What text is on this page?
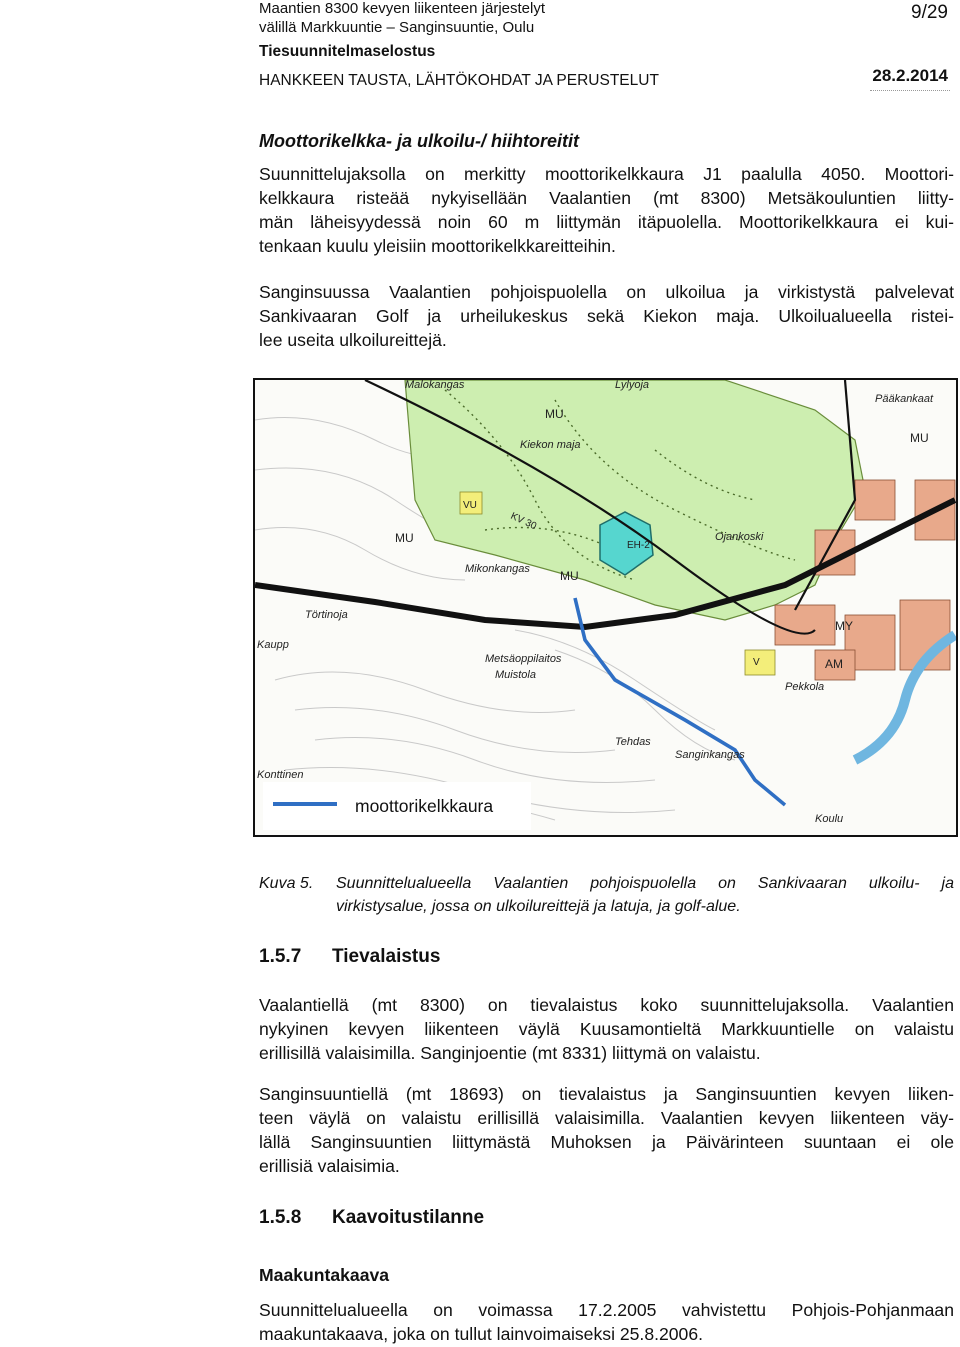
Maantien 8300 kevyen liikenteen järjestelyt
välillä Markkuuntie – Sanginsuuntie, Oulu
Tiesuunnitelmaselostus
HANKKEEN TAUSTA, LÄHTÖKOHDAT JA PERUSTELUT
9/29
28.2.2014
Moottorikelkka- ja ulkoilu-/ hiihtoreitit
Suunnittelujaksolla on merkitty moottorikelkkaura J1 paalulla 4050. Moottori-
kelkkaura risteää nykyisellään Vaalantien (mt 8300) Metsäkouluntien liitty-
män läheisyydessä noin 60 m liittymän itäpuolella. Moottorikelkkaura ei kui-
tenkaan kuulu yleisiin moottorikelkkareitteihin.
Sanginsuussa Vaalantien pohjoispuolella on ulkoilua ja virkistystä palvelevat
Sankivaaran Golf ja urheilukeskus sekä Kiekon maja. Ulkoilualueella ristei-
lee useita ulkoilureittejä.
Malokangas
Kiekon maja
Mikonkangas
Törtinoja
Metsäoppilaitos
Muistola
Tehdas
Kaupp
Koulu
Konttinen
Sanginkangas
Ojankoski
Pääkankaat
Pekkola
EH-2
MU
MU
MU
MU
MY
AM
VU
V
KV 30
Lylyoja
moottorikelkkaura
Kuva 5. Suunnittelualueella Vaalantien pohjoispuolella on Sankivaaran ulkoilu- ja
virkistysalue, jossa on ulkoilureittejä ja latuja, ja golf-alue.
1.5.7 Tievalaistus
Vaalantiellä (mt 8300) on tievalaistus koko suunnittelujaksolla. Vaalantien
nykyinen kevyen liikenteen väylä Kuusamontieltä Markkuuntielle on valaistu
erillisillä valaisimilla. Sanginjoentie (mt 8331) liittymä on valaistu.
Sanginsuuntiellä (mt 18693) on tievalaistus ja Sanginsuuntien kevyen liiken-
teen väylä on valaistu erillisillä valaisimilla. Vaalantien kevyen liikenteen väy-
lällä Sanginsuuntien liittymästä Muhoksen ja Päivärinteen suuntaan ei ole
erillisiä valaisimia.
1.5.8 Kaavoitustilanne
Maakuntakaava
Suunnittelualueella on voimassa 17.2.2005 vahvistettu Pohjois-Pohjanmaan
maakuntakaava, joka on tullut lainvoimaiseksi 25.8.2006.
